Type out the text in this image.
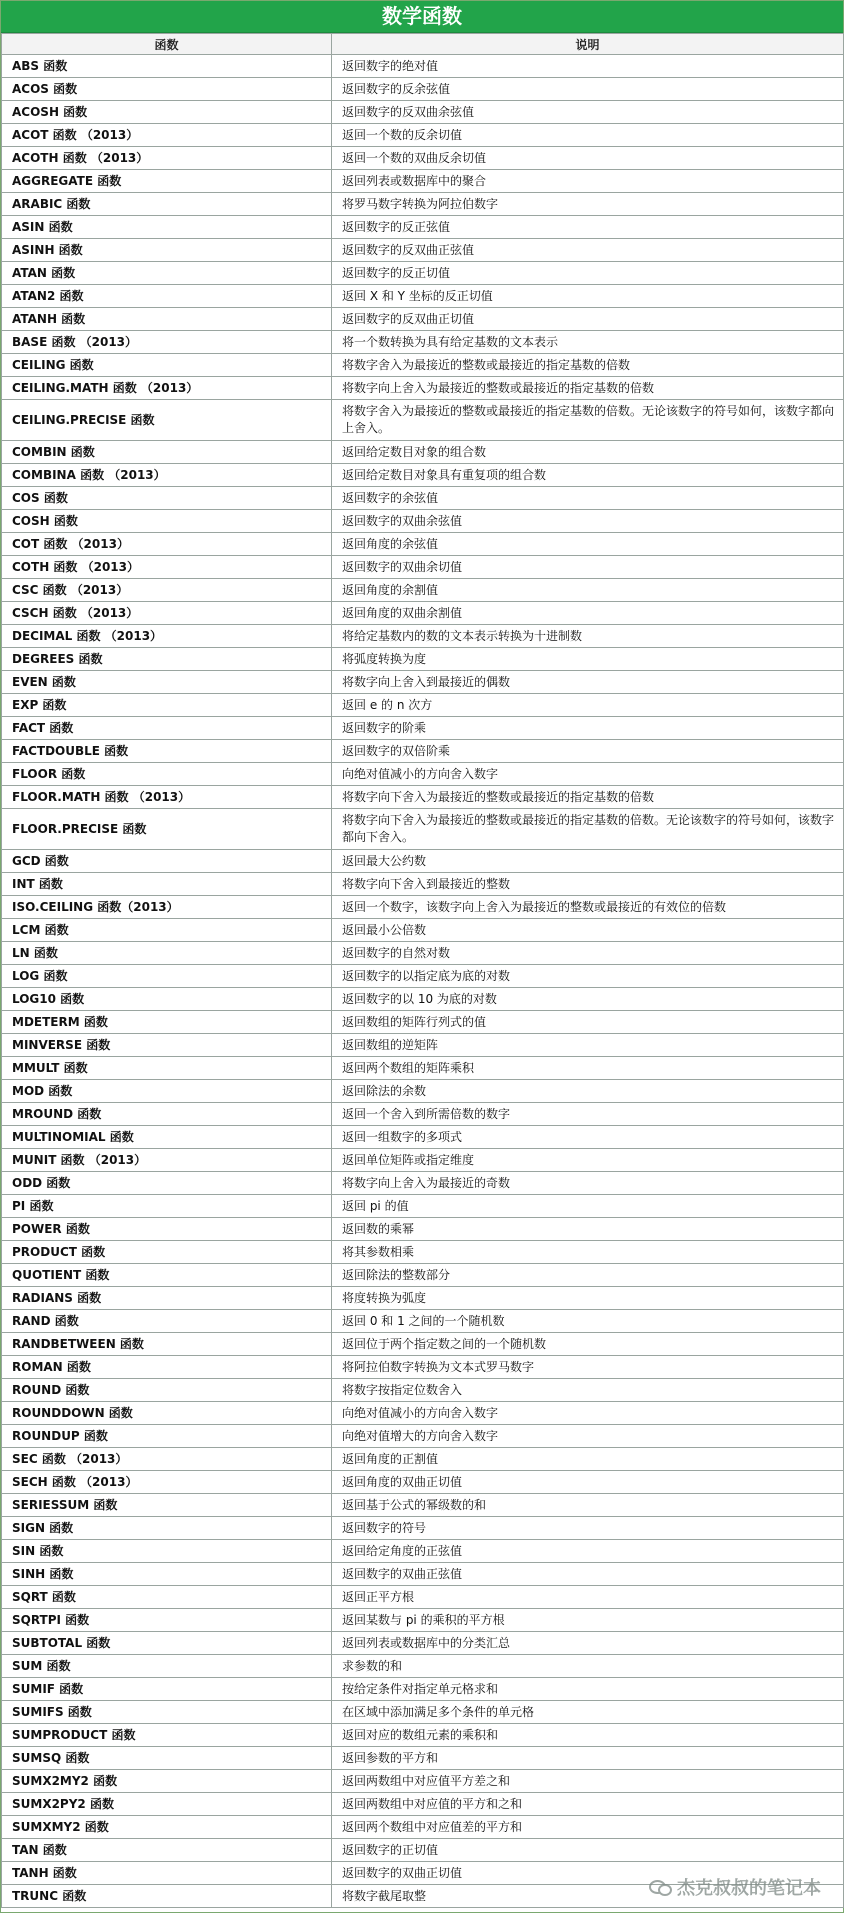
数学函数
函数	说明
ABS 函数	返回数字的绝对值
ACOS 函数	返回数字的反余弦值
ACOSH 函数	返回数字的反双曲余弦值
ACOT 函数 （2013）	返回一个数的反余切值
ACOTH 函数 （2013）	返回一个数的双曲反余切值
AGGREGATE 函数	返回列表或数据库中的聚合
ARABIC 函数	将罗马数字转换为阿拉伯数字
ASIN 函数	返回数字的反正弦值
ASINH 函数	返回数字的反双曲正弦值
ATAN 函数	返回数字的反正切值
ATAN2 函数	返回 X 和 Y 坐标的反正切值
ATANH 函数	返回数字的反双曲正切值
BASE 函数 （2013）	将一个数转换为具有给定基数的文本表示
CEILING 函数	将数字舍入为最接近的整数或最接近的指定基数的倍数
CEILING.MATH 函数 （2013）	将数字向上舍入为最接近的整数或最接近的指定基数的倍数
CEILING.PRECISE 函数	将数字舍入为最接近的整数或最接近的指定基数的倍数。无论该数字的符号如何，该数字都向上舍入。
COMBIN 函数	返回给定数目对象的组合数
COMBINA 函数 （2013）	返回给定数目对象具有重复项的组合数
COS 函数	返回数字的余弦值
COSH 函数	返回数字的双曲余弦值
COT 函数 （2013）	返回角度的余弦值
COTH 函数 （2013）	返回数字的双曲余切值
CSC 函数 （2013）	返回角度的余割值
CSCH 函数 （2013）	返回角度的双曲余割值
DECIMAL 函数 （2013）	将给定基数内的数的文本表示转换为十进制数
DEGREES 函数	将弧度转换为度
EVEN 函数	将数字向上舍入到最接近的偶数
EXP 函数	返回 e 的 n 次方
FACT 函数	返回数字的阶乘
FACTDOUBLE 函数	返回数字的双倍阶乘
FLOOR 函数	向绝对值减小的方向舍入数字
FLOOR.MATH 函数 （2013）	将数字向下舍入为最接近的整数或最接近的指定基数的倍数
FLOOR.PRECISE 函数	将数字向下舍入为最接近的整数或最接近的指定基数的倍数。无论该数字的符号如何，该数字都向下舍入。
GCD 函数	返回最大公约数
INT 函数	将数字向下舍入到最接近的整数
ISO.CEILING 函数（2013）	返回一个数字，该数字向上舍入为最接近的整数或最接近的有效位的倍数
LCM 函数	返回最小公倍数
LN 函数	返回数字的自然对数
LOG 函数	返回数字的以指定底为底的对数
LOG10 函数	返回数字的以 10 为底的对数
MDETERM 函数	返回数组的矩阵行列式的值
MINVERSE 函数	返回数组的逆矩阵
MMULT 函数	返回两个数组的矩阵乘积
MOD 函数	返回除法的余数
MROUND 函数	返回一个舍入到所需倍数的数字
MULTINOMIAL 函数	返回一组数字的多项式
MUNIT 函数 （2013）	返回单位矩阵或指定维度
ODD 函数	将数字向上舍入为最接近的奇数
PI 函数	返回 pi 的值
POWER 函数	返回数的乘幂
PRODUCT 函数	将其参数相乘
QUOTIENT 函数	返回除法的整数部分
RADIANS 函数	将度转换为弧度
RAND 函数	返回 0 和 1 之间的一个随机数
RANDBETWEEN 函数	返回位于两个指定数之间的一个随机数
ROMAN 函数	将阿拉伯数字转换为文本式罗马数字
ROUND 函数	将数字按指定位数舍入
ROUNDDOWN 函数	向绝对值减小的方向舍入数字
ROUNDUP 函数	向绝对值增大的方向舍入数字
SEC 函数 （2013）	返回角度的正割值
SECH 函数 （2013）	返回角度的双曲正切值
SERIESSUM 函数	返回基于公式的幂级数的和
SIGN 函数	返回数字的符号
SIN 函数	返回给定角度的正弦值
SINH 函数	返回数字的双曲正弦值
SQRT 函数	返回正平方根
SQRTPI 函数	返回某数与 pi 的乘积的平方根
SUBTOTAL 函数	返回列表或数据库中的分类汇总
SUM 函数	求参数的和
SUMIF 函数	按给定条件对指定单元格求和
SUMIFS 函数	在区域中添加满足多个条件的单元格
SUMPRODUCT 函数	返回对应的数组元素的乘积和
SUMSQ 函数	返回参数的平方和
SUMX2MY2 函数	返回两数组中对应值平方差之和
SUMX2PY2 函数	返回两数组中对应值的平方和之和
SUMXMY2 函数	返回两个数组中对应值差的平方和
TAN 函数	返回数字的正切值
TANH 函数	返回数字的双曲正切值
TRUNC 函数	将数字截尾取整	杰克叔叔的笔记本
